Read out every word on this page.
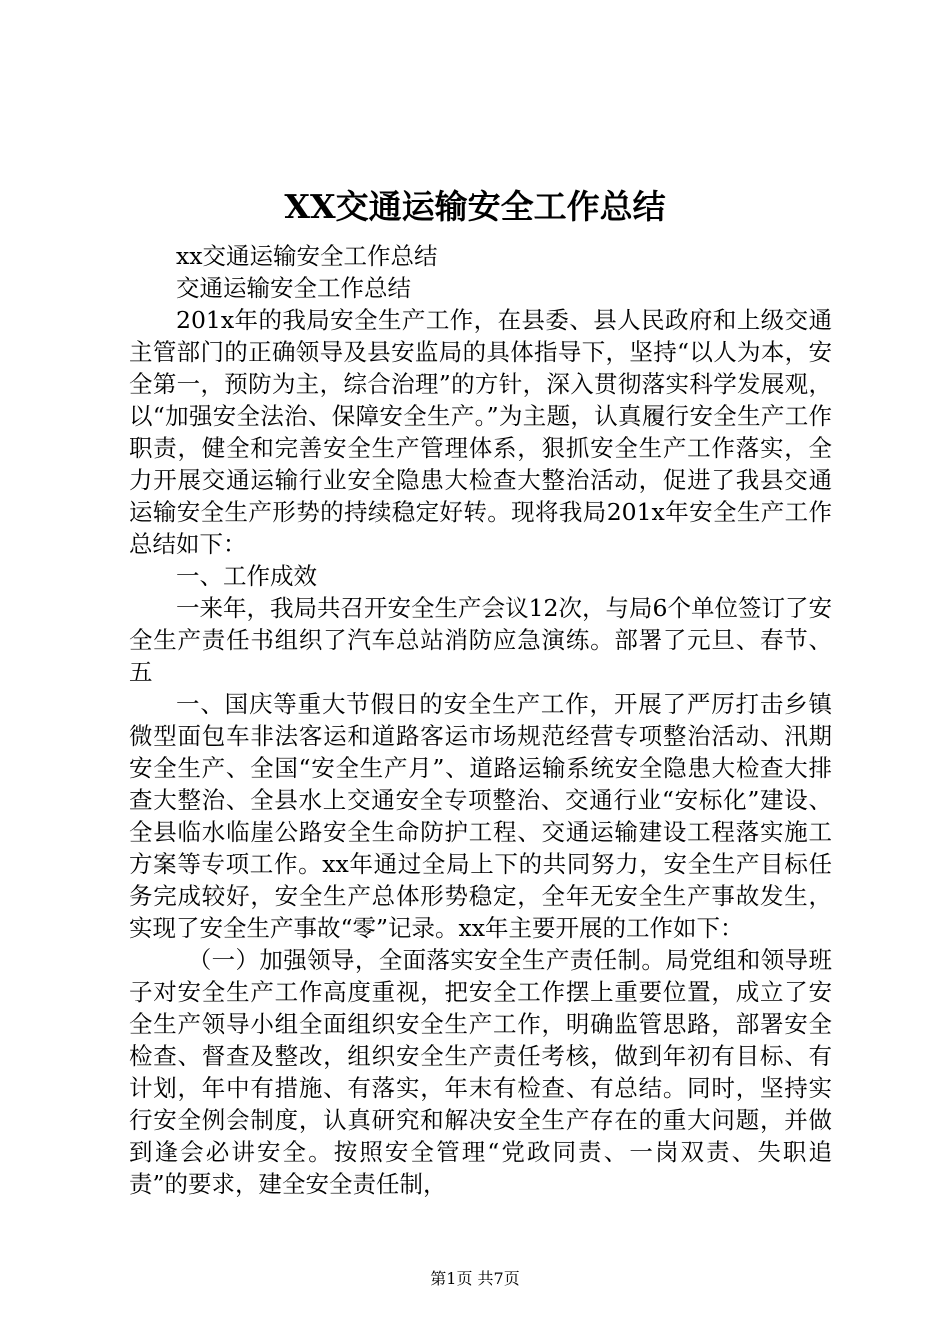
XX交通运输安全工作总结

xx交通运输安全工作总结

交通运输安全工作总结

201x年的我局安全生产工作，在县委、县人民政府和上级交通主管部门的正确领导及县安监局的具体指导下，坚持“以人为本，安全第一，预防为主，综合治理”的方针，深入贯彻落实科学发展观，以“加强安全法治、保障安全生产。”为主题，认真履行安全生产工作职责，健全和完善安全生产管理体系，狠抓安全生产工作落实，全力开展交通运输行业安全隐患大检查大整治活动，促进了我县交通运输安全生产形势的持续稳定好转。现将我局201x年安全生产工作总结如下：

一、工作成效

一来年，我局共召开安全生产会议12次，与局6个单位签订了安全生产责任书组织了汽车总站消防应急演练。部署了元旦、春节、五

一、国庆等重大节假日的安全生产工作，开展了严厉打击乡镇微型面包车非法客运和道路客运市场规范经营专项整治活动、汛期安全生产、全国“安全生产月”、道路运输系统安全隐患大检查大排查大整治、全县水上交通安全专项整治、交通行业“安标化”建设、全县临水临崖公路安全生命防护工程、交通运输建设工程落实施工方案等专项工作。xx年通过全局上下的共同努力，安全生产目标任务完成较好，安全生产总体形势稳定，全年无安全生产事故发生，实现了安全生产事故“零”记录。xx年主要开展的工作如下：

（一）加强领导，全面落实安全生产责任制。局党组和领导班子对安全生产工作高度重视，把安全工作摆上重要位置，成立了安全生产领导小组全面组织安全生产工作，明确监管思路，部署安全检查、督查及整改，组织安全生产责任考核，做到年初有目标、有计划，年中有措施、有落实，年末有检查、有总结。同时，坚持实行安全例会制度，认真研究和解决安全生产存在的重大问题，并做到逢会必讲安全。按照安全管理“党政同责、一岗双责、失职追责”的要求，建全安全责任制，

第1页 共7页
